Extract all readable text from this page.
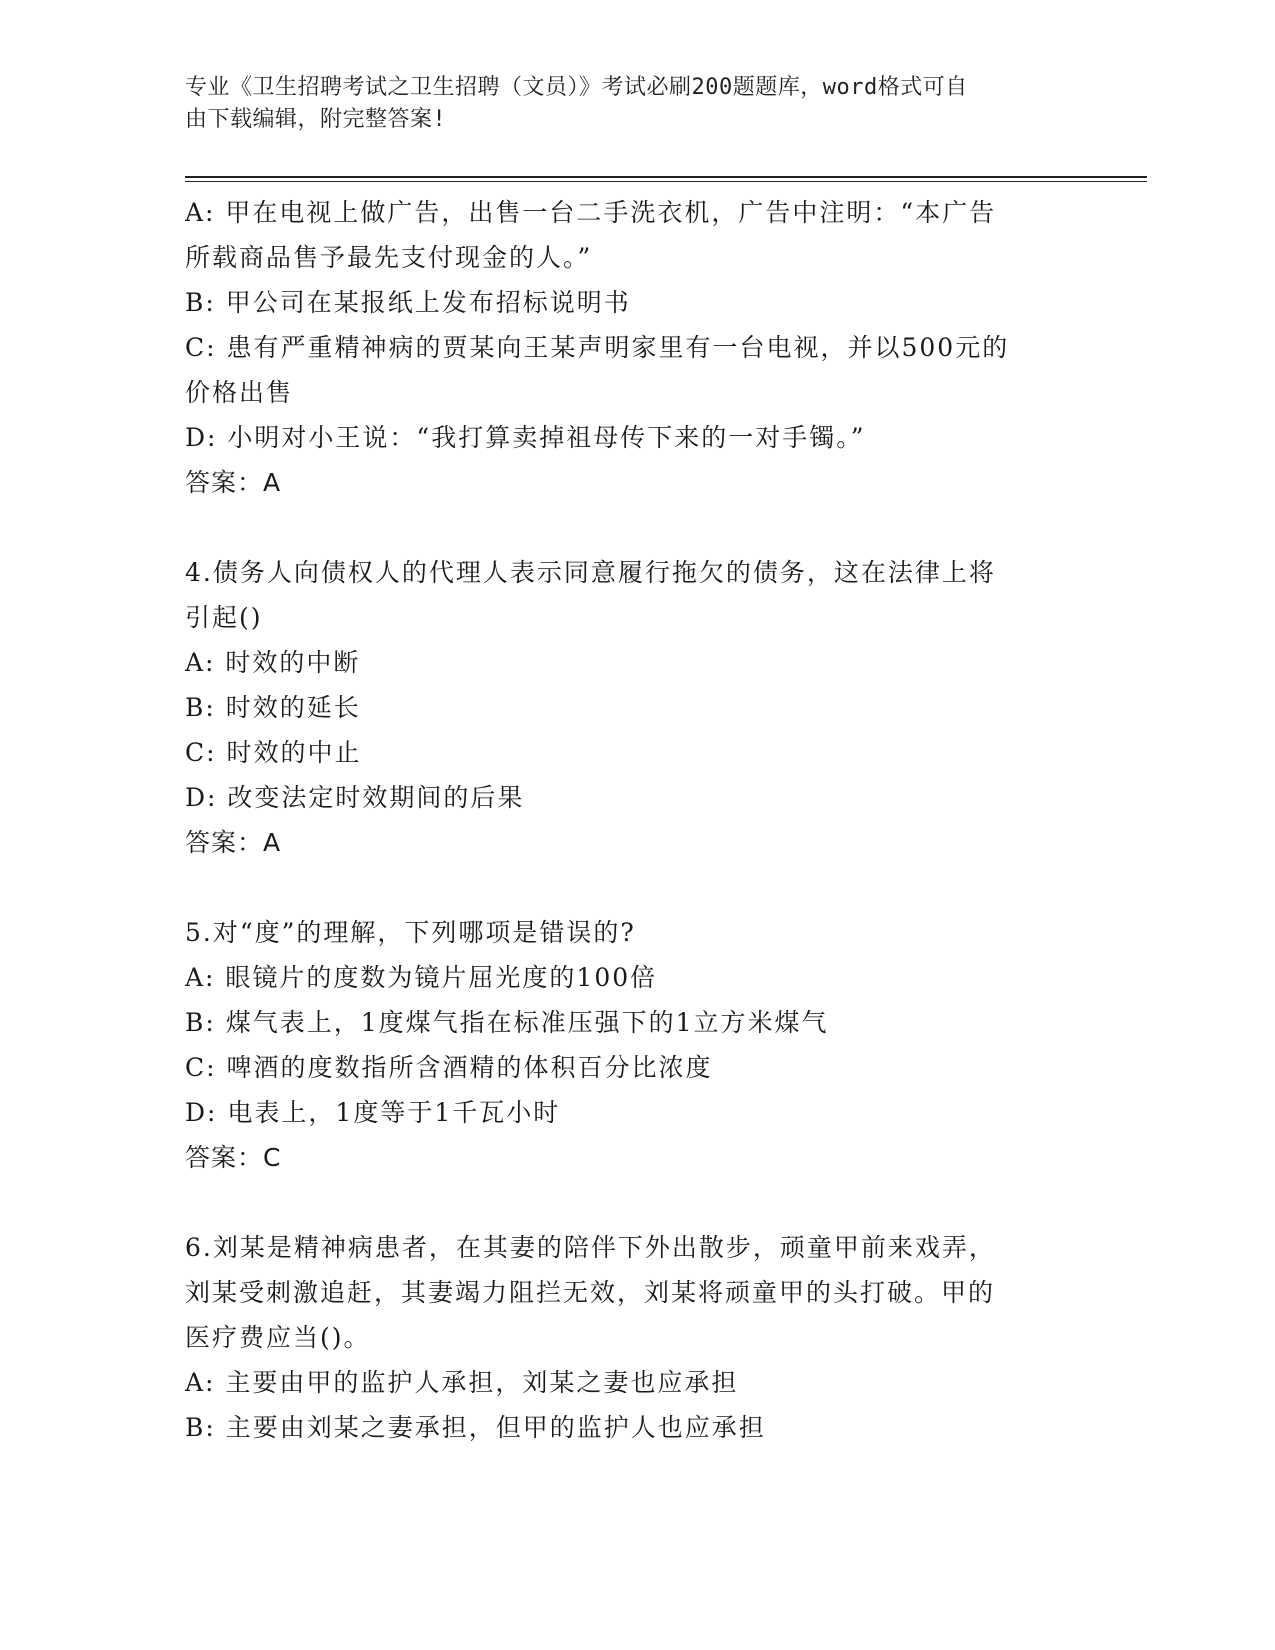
专业《卫生招聘考试之卫生招聘（文员）》考试必刷200题题库，word格式可自
由下载编辑，附完整答案!
A: 甲在电视上做广告，出售一台二手洗衣机，广告中注明：“本广告
所载商品售予最先支付现金的人。”
B: 甲公司在某报纸上发布招标说明书
C: 患有严重精神病的贾某向王某声明家里有一台电视，并以500元的
价格出售
D: 小明对小王说：“我打算卖掉祖母传下来的一对手镯。”
答案：A
4.债务人向债权人的代理人表示同意履行拖欠的债务，这在法律上将
引起()
A: 时效的中断
B: 时效的延长
C: 时效的中止
D: 改变法定时效期间的后果
答案：A
5.对“度”的理解，下列哪项是错误的?
A: 眼镜片的度数为镜片屈光度的100倍
B: 煤气表上，1度煤气指在标准压强下的1立方米煤气
C: 啤酒的度数指所含酒精的体积百分比浓度
D: 电表上，1度等于1千瓦小时
答案：C
6.刘某是精神病患者，在其妻的陪伴下外出散步，顽童甲前来戏弄，
刘某受刺激追赶，其妻竭力阻拦无效，刘某将顽童甲的头打破。甲的
医疗费应当()。
A: 主要由甲的监护人承担，刘某之妻也应承担
B: 主要由刘某之妻承担，但甲的监护人也应承担
